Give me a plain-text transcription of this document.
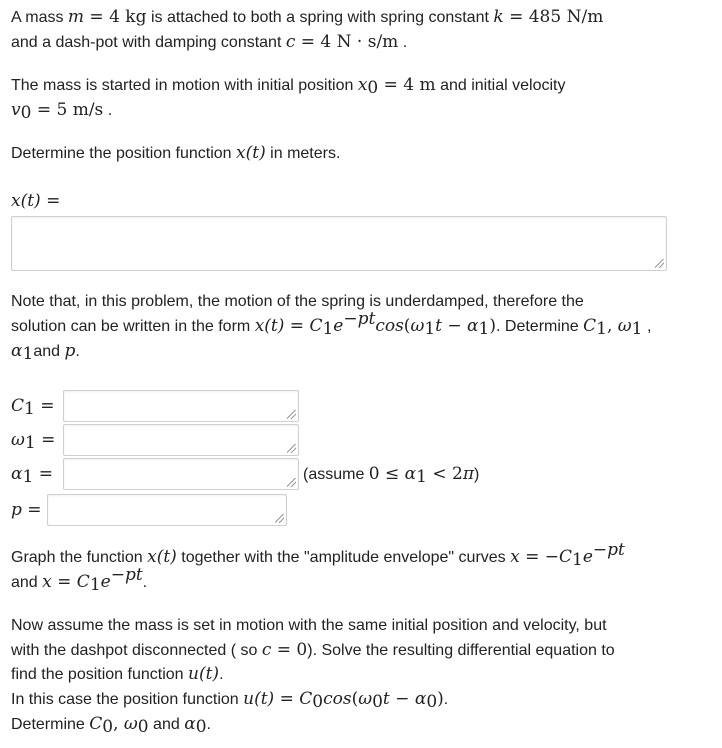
A mass m = 4 kg is attached to both a spring with spring constant k = 485 N/m
and a dash-pot with damping constant c = 4 N · s/m .
The mass is started in motion with initial position $x_0 = 4$ m and initial velocity
$v_0 = 5$ m/s .
Determine the position function x(t) in meters.
x(t) =
Note that, in this problem, the motion of the spring is underdamped, therefore the
solution can be written in the form $x(t) = C_1e^{-pt}\cos(\omega_1t - \alpha_1)$. Determine $C_1$, $\omega_1$ ,
$\alpha_1and$ p.
$C_1$ =
$\omega_1$ =
$\alpha_1$ =	(assume $0 \le \alpha_1 < 2\pi$)
p =
Graph the function x(t) together with the "amplitude envelope" curves $x = -C_1e^{-pt}$
and $x = C_1e^{-pt}$.
Now assume the mass is set in motion with the same initial position and velocity, but
with the dashpot disconnected ( so c = 0). Solve the resulting differential equation to
find the position function u(t).
In this case the position function $u(t) = C_0\cos(\omega_0t - \alpha_0)$.
Determine $C_0$, $\omega_0$ and $\alpha_0$.
